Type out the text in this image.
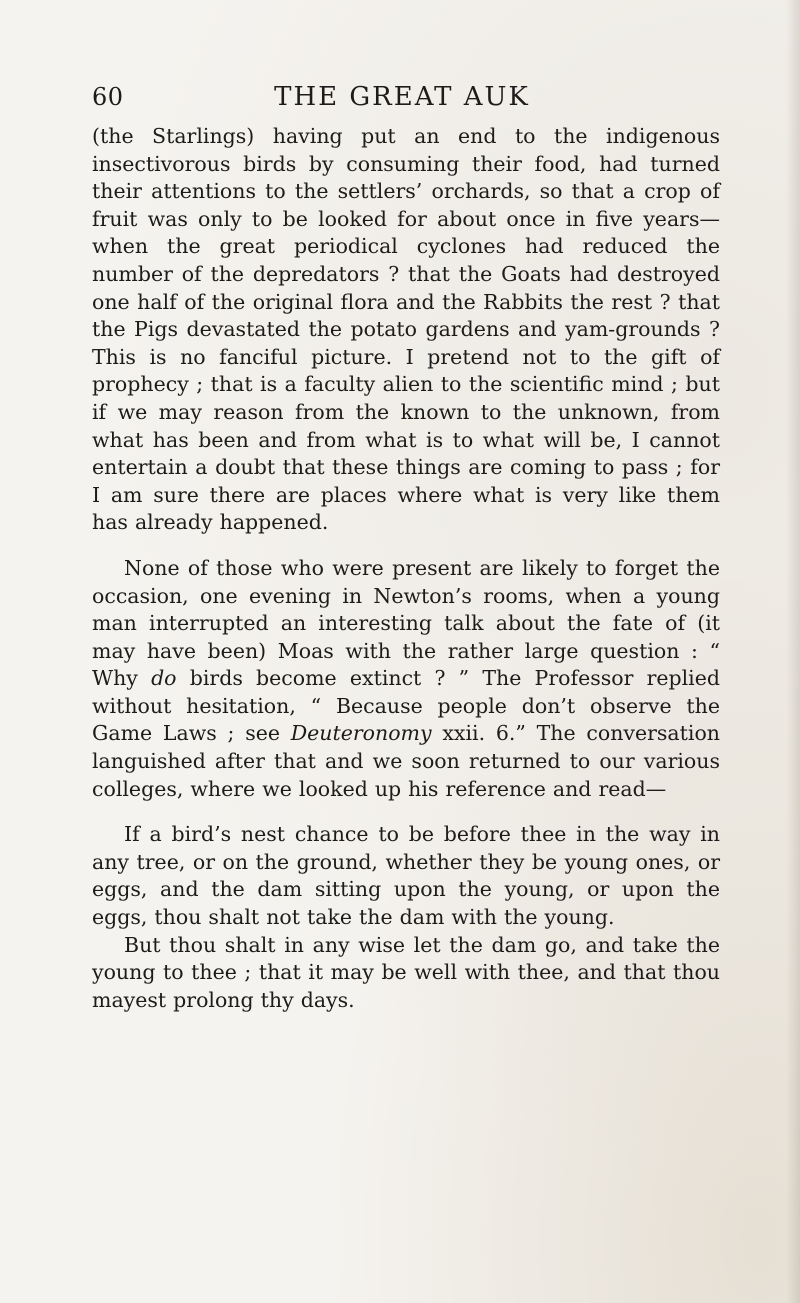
60	THE GREAT AUK

(the Starlings) having put an end to the indigenous insectivorous birds by consuming their food, had turned their attentions to the settlers’ orchards, so that a crop of fruit was only to be looked for about once in five years—when the great periodical cyclones had reduced the number of the depredators ? that the Goats had destroyed one half of the original flora and the Rabbits the rest ? that the Pigs devastated the potato gardens and yam-grounds ? This is no fanciful picture. I pretend not to the gift of prophecy ; that is a faculty alien to the scientific mind ; but if we may reason from the known to the unknown, from what has been and from what is to what will be, I cannot entertain a doubt that these things are coming to pass ; for I am sure there are places where what is very like them has already happened.

None of those who were present are likely to forget the occasion, one evening in Newton’s rooms, when a young man interrupted an interesting talk about the fate of (it may have been) Moas with the rather large question : “ Why do birds become extinct ? ” The Professor replied without hesitation, “ Because people don’t observe the Game Laws ; see Deuteronomy xxii. 6.” The conversation languished after that and we soon returned to our various colleges, where we looked up his reference and read—

If a bird’s nest chance to be before thee in the way in any tree, or on the ground, whether they be young ones, or eggs, and the dam sitting upon the young, or upon the eggs, thou shalt not take the dam with the young.
But thou shalt in any wise let the dam go, and take the young to thee ; that it may be well with thee, and that thou mayest prolong thy days.
